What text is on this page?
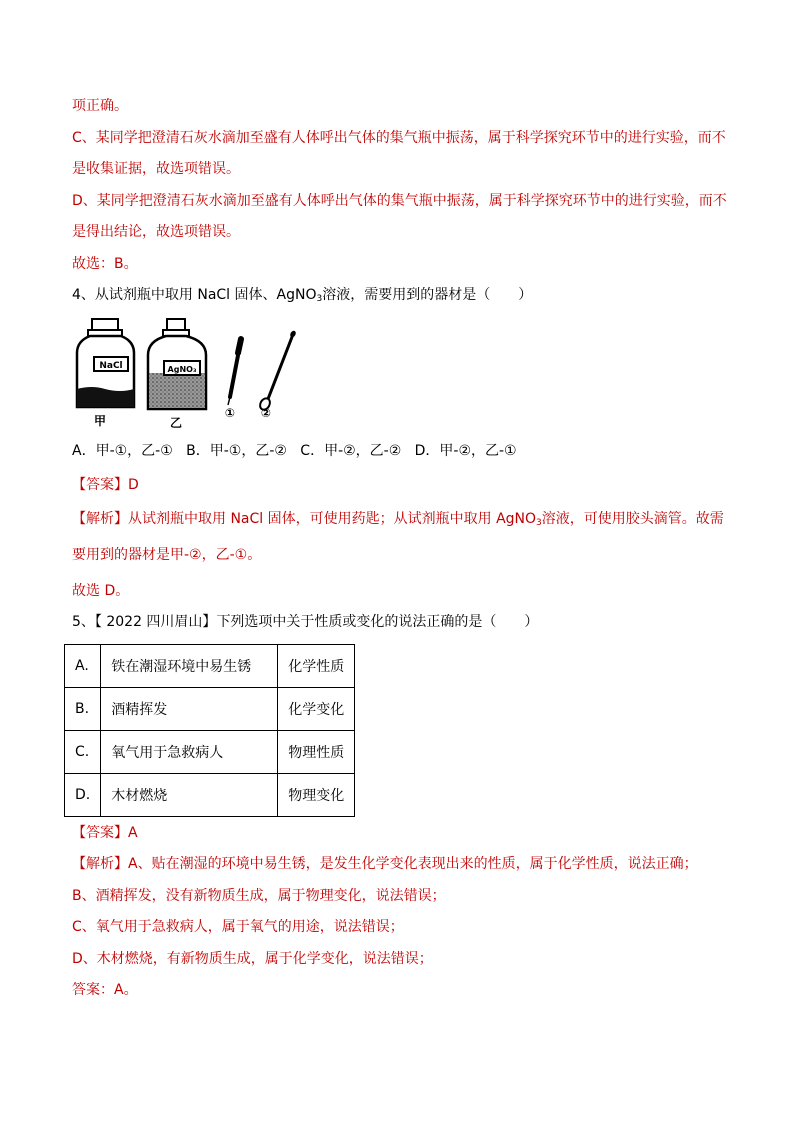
项正确。
C、某同学把澄清石灰水滴加至盛有人体呼出气体的集气瓶中振荡，属于科学探究环节中的进行实验，而不
是收集证据，故选项错误。
D、某同学把澄清石灰水滴加至盛有人体呼出气体的集气瓶中振荡，属于科学探究环节中的进行实验，而不
是得出结论，故选项错误。
故选：B。
4、从试剂瓶中取用 NaCl 固体、AgNO$_3$溶液，需要用到的器材是（　　）
NaCl
甲
AgNO₃
乙
① ②
A．甲-①，乙-①   B．甲-①，乙-②   C．甲-②，乙-②   D．甲-②，乙-①
【答案】D
【解析】从试剂瓶中取用 NaCl 固体，可使用药匙；从试剂瓶中取用 AgNO$_3$溶液，可使用胶头滴管。故需
要用到的器材是甲-②，乙-①。
故选 D。
5、【 2022 四川眉山】下列选项中关于性质或变化的说法正确的是（　　）
A.	铁在潮湿环境中易生锈	化学性质
B.	酒精挥发	化学变化
C.	氧气用于急救病人	物理性质
D.	木材燃烧	物理变化
【答案】A
【解析】A、贴在潮湿的环境中易生锈，是发生化学变化表现出来的性质，属于化学性质，说法正确；
B、酒精挥发，没有新物质生成，属于物理变化，说法错误；
C、氧气用于急救病人，属于氧气的用途，说法错误；
D、木材燃烧，有新物质生成，属于化学变化，说法错误；
答案：A。
